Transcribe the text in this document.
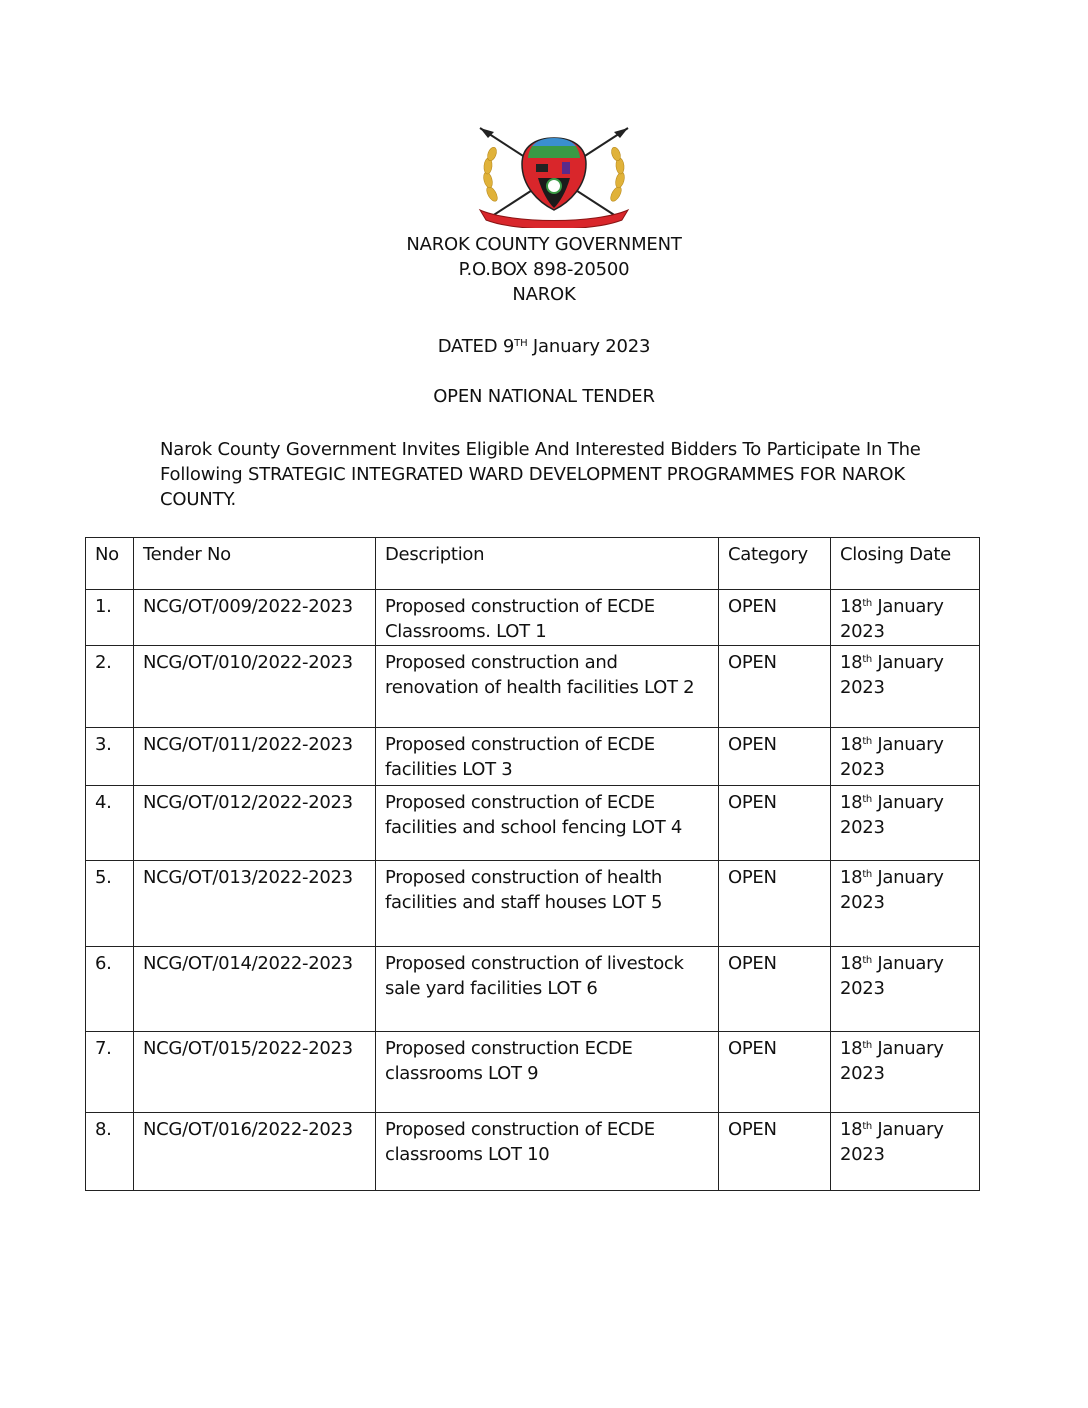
NAROK COUNTY GOVERNMENT
P.O.BOX 898-20500
NAROK
DATED 9TH January 2023
OPEN NATIONAL TENDER
Narok County Government Invites Eligible And Interested Bidders To Participate In The Following STRATEGIC INTEGRATED WARD DEVELOPMENT PROGRAMMES FOR NAROK COUNTY.
No	Tender No	Description	Category	Closing Date
1.	NCG/OT/009/2022-2023	Proposed construction of ECDE Classrooms. LOT 1	OPEN	18th January
2023
2.	NCG/OT/010/2022-2023	Proposed construction and renovation of health facilities LOT 2	OPEN	18th January
2023
3.	NCG/OT/011/2022-2023	Proposed construction of ECDE facilities LOT 3	OPEN	18th January
2023
4.	NCG/OT/012/2022-2023	Proposed construction of ECDE facilities and school fencing LOT 4	OPEN	18th January
2023
5.	NCG/OT/013/2022-2023	Proposed construction of health facilities and staff houses LOT 5	OPEN	18th January
2023
6.	NCG/OT/014/2022-2023	Proposed construction of livestock sale yard facilities LOT 6	OPEN	18th January
2023
7.	NCG/OT/015/2022-2023	Proposed construction ECDE classrooms LOT 9	OPEN	18th January
2023
8.	NCG/OT/016/2022-2023	Proposed construction of ECDE classrooms LOT 10	OPEN	18th January
2023
